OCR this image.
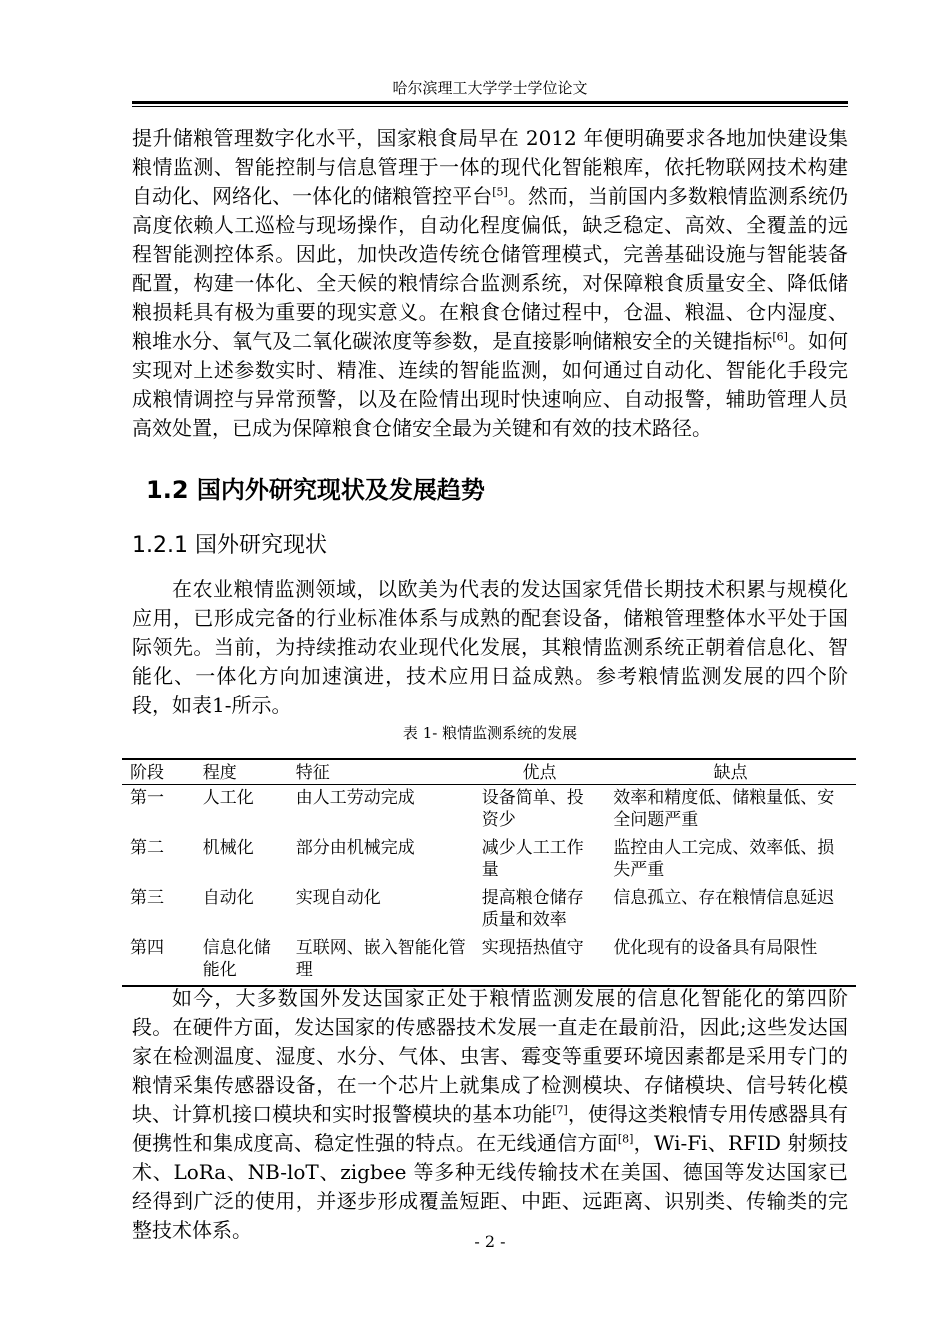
哈尔滨理工大学学士学位论文

提升储粮管理数字化水平，国家粮食局早在 2012 年便明确要求各地加快建设集粮情监测、智能控制与信息管理于一体的现代化智能粮库，依托物联网技术构建自动化、网络化、一体化的储粮管控平台[5]。然而，当前国内多数粮情监测系统仍高度依赖人工巡检与现场操作，自动化程度偏低，缺乏稳定、高效、全覆盖的远程智能测控体系。因此，加快改造传统仓储管理模式，完善基础设施与智能装备配置，构建一体化、全天候的粮情综合监测系统，对保障粮食质量安全、降低储粮损耗具有极为重要的现实意义。在粮食仓储过程中，仓温、粮温、仓内湿度、粮堆水分、氧气及二氧化碳浓度等参数，是直接影响储粮安全的关键指标[6]。如何实现对上述参数实时、精准、连续的智能监测，如何通过自动化、智能化手段完成粮情调控与异常预警，以及在险情出现时快速响应、自动报警，辅助管理人员高效处置，已成为保障粮食仓储安全最为关键和有效的技术路径。

1.2 国内外研究现状及发展趋势
1.2.1 国外研究现状

在农业粮情监测领域，以欧美为代表的发达国家凭借长期技术积累与规模化应用，已形成完备的行业标准体系与成熟的配套设备，储粮管理整体水平处于国际领先。当前，为持续推动农业现代化发展，其粮情监测系统正朝着信息化、智能化、一体化方向加速演进，技术应用日益成熟。参考粮情监测发展的四个阶段，如表1-所示。

表 1- 粮情监测系统的发展
阶段	程度	特征	优点	缺点
第一	人工化	由人工劳动完成	设备简单、投资少	效率和精度低、储粮量低、安全问题严重
第二	机械化	部分由机械完成	减少人工工作量	监控由人工完成、效率低、损失严重
第三	自动化	实现自动化	提高粮仓储存质量和效率	信息孤立、存在粮情信息延迟
第四	信息化储能化	互联网、嵌入智能化管理	实现捂热值守	优化现有的设备具有局限性

如今，大多数国外发达国家正处于粮情监测发展的信息化智能化的第四阶段。在硬件方面，发达国家的传感器技术发展一直走在最前沿，因此;这些发达国家在检测温度、湿度、水分、气体、虫害、霉变等重要环境因素都是采用专门的粮情采集传感器设备，在一个芯片上就集成了检测模块、存储模块、信号转化模块、计算机接口模块和实时报警模块的基本功能[7]，使得这类粮情专用传感器具有便携性和集成度高、稳定性强的特点。在无线通信方面[8]，Wi-Fi、RFID 射频技术、LoRa、NB-loT、zigbee 等多种无线传输技术在美国、德国等发达国家已经得到广泛的使用，并逐步形成覆盖短距、中距、远距离、识别类、传输类的完整技术体系。	- 2 -
